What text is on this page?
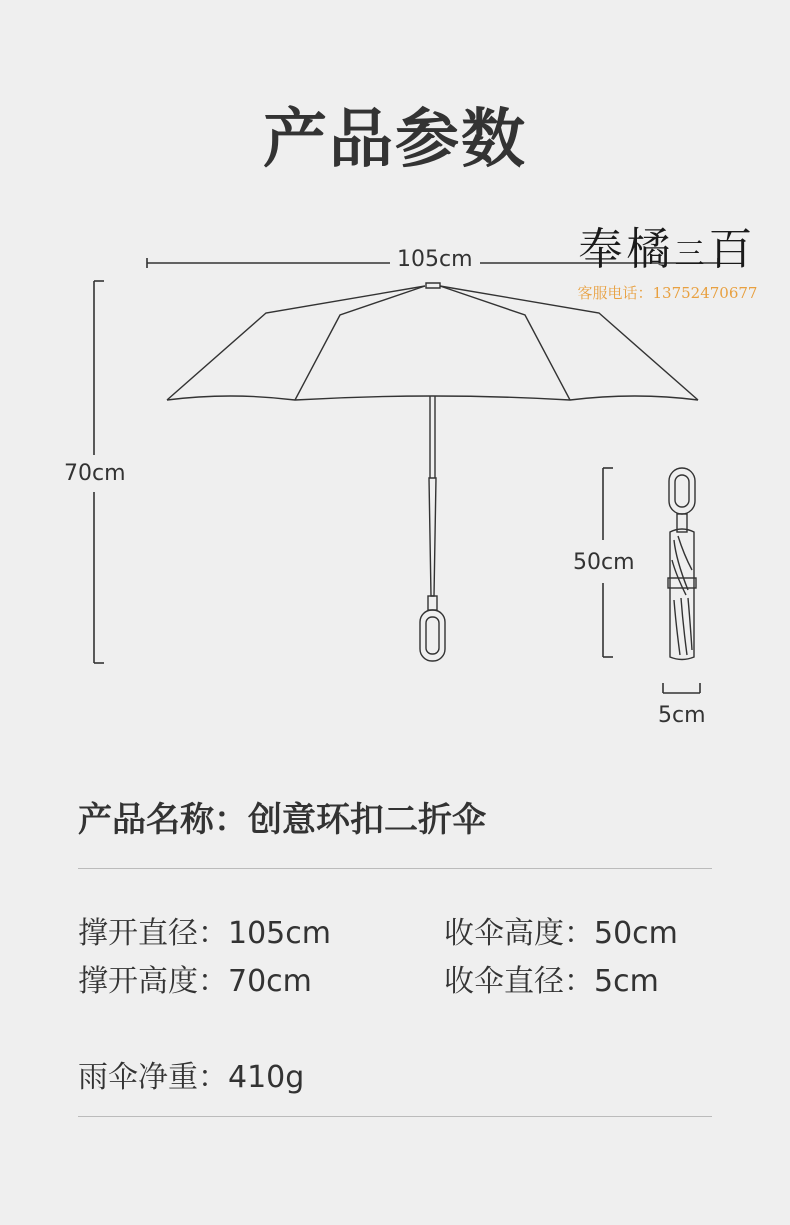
产品参数
105cm
70cm
50cm
5cm
奉橘三百
客服电话：13752470677
产品名称：创意环扣二折伞
撑开直径：105cm	收伞高度：50cm
撑开高度：70cm	收伞直径：5cm
雨伞净重：410g
